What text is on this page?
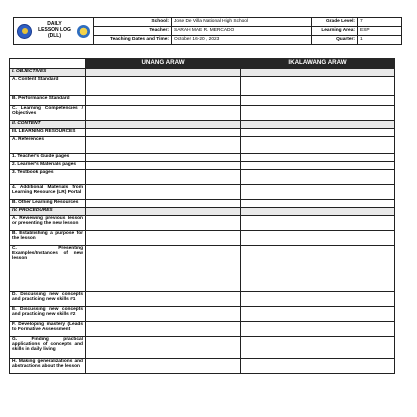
DAILY
LESSON LOG
(DLL)	School:	Jose De Villa National High School	Grade Level:	7
	Teacher:	SARAH MAE R. MERCADO	Learning Area:	ESP
	Teaching Dates and Time:	October 16-20 , 2023	Quarter:	1
	UNANG ARAW	IKALAWANG ARAW
I. OBJECTIVES		
A. Content Standard		
B. Performance Standard		
C. Learning Competencies / Objectives		
II. CONTENT		
III. LEARNING RESOURCES		
A. References		
1. Teacher's Guide pages		
2. Learner's Materials pages		
3. Textbook pages		
4. Additional Materials from Learning Resource (LR) Portal		
B. Other Learning Resources		
IV. PROCEDURES		
A. Reviewing previous lesson or presenting the new lesson		
B. Establishing a purpose for the lesson		
C. Presenting Examples/Instances of new lesson		
D. Discussing new concepts and practicing new skills #1		
E. Discussing new concepts and practicing new skills #2		
F. Developing mastery (Leads to Formative Assessment		
G. Finding practical applications of concepts and skills in daily living		
H. Making generalizations and abstractions about the lesson		
